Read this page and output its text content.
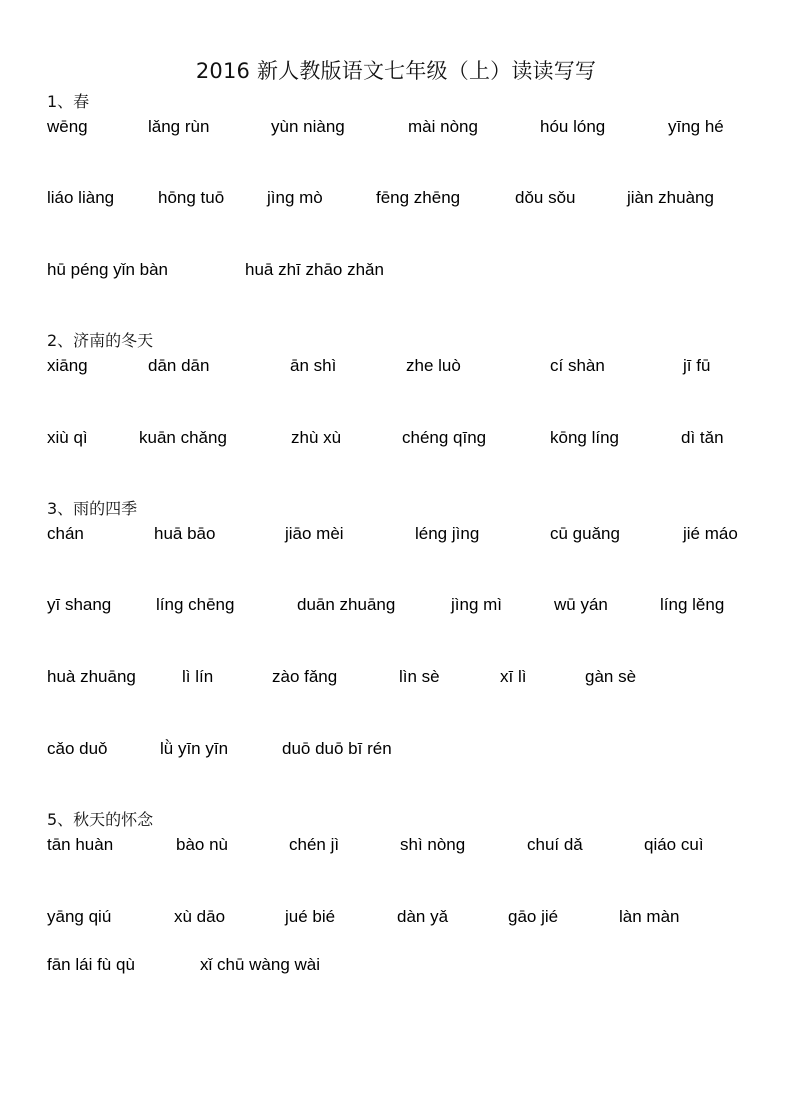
2016 新人教版语文七年级（上）读读写写
1、春
wēng	lǎng rùn	yùn niàng	mài nòng	hóu lóng	yīng hé
liáo liàng	hōng tuō	jìng mò	fēng zhēng	dǒu sǒu	jiàn zhuàng
hū péng yǐn bàn	huā zhī zhāo zhǎn
2、济南的冬天
xiāng	dān dān	ān shì	zhe luò	cí shàn	jī fū
xiù qì	kuān chǎng	zhù xù	chéng qīng	kōng líng	dì tǎn
3、雨的四季
chán	huā bāo	jiāo mèi	léng jìng	cū guǎng	jié máo
yī shang	líng chēng	duān zhuāng	jìng mì	wū yán	líng lěng
huà zhuāng	lì lín	zào fǎng	lìn sè	xī lì	gàn sè
cǎo duǒ	lǜ yīn yīn	duō duō bī rén
5、秋天的怀念
tān huàn	bào nù	chén jì	shì nòng	chuí dǎ	qiáo cuì
yāng qiú	xù dāo	jué bié	dàn yǎ	gāo jié	làn màn
fān lái fù qù	xǐ chū wàng wài
